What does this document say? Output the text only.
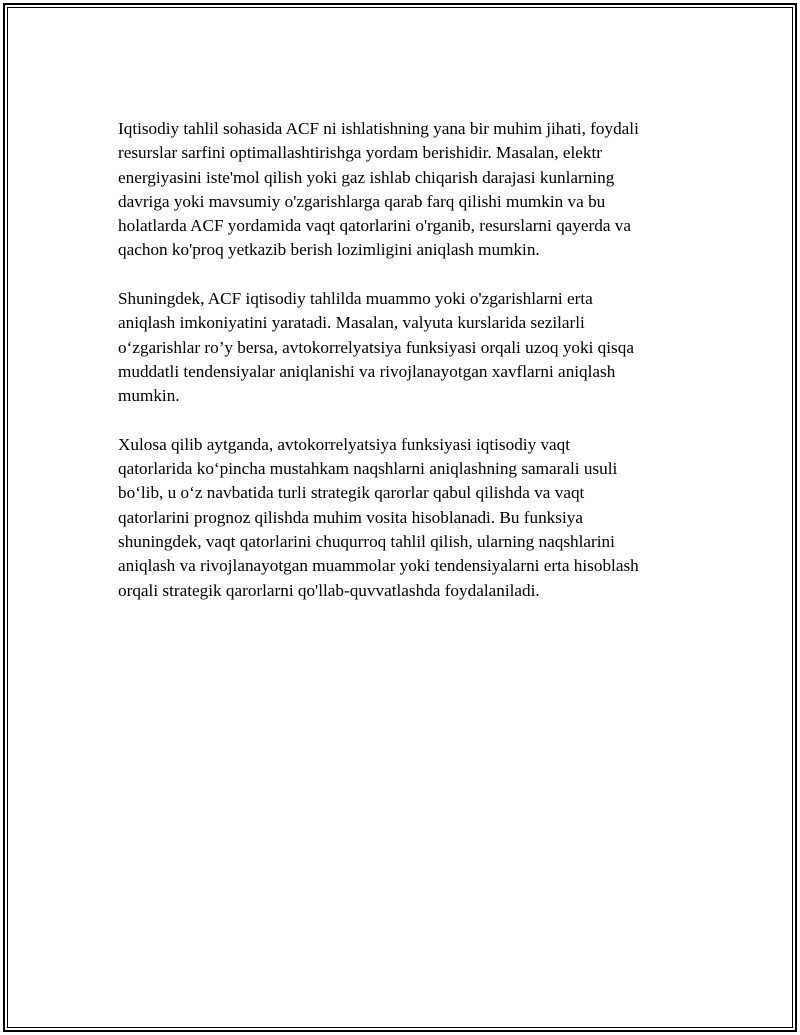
Iqtisodiy tahlil sohasida ACF ni ishlatishning yana bir muhim jihati, foydali
resurslar sarfini optimallashtirishga yordam berishidir. Masalan, elektr
energiyasini iste'mol qilish yoki gaz ishlab chiqarish darajasi kunlarning
davriga yoki mavsumiy o'zgarishlarga qarab farq qilishi mumkin va bu
holatlarda ACF yordamida vaqt qatorlarini o'rganib, resurslarni qayerda va
qachon ko'proq yetkazib berish lozimligini aniqlash mumkin.

Shuningdek, ACF iqtisodiy tahlilda muammo yoki o'zgarishlarni erta
aniqlash imkoniyatini yaratadi. Masalan, valyuta kurslarida sezilarli
o‘zgarishlar ro’y bersa, avtokorrelyatsiya funksiyasi orqali uzoq yoki qisqa
muddatli tendensiyalar aniqlanishi va rivojlanayotgan xavflarni aniqlash
mumkin.

Xulosa qilib aytganda, avtokorrelyatsiya funksiyasi iqtisodiy vaqt
qatorlarida ko‘pincha mustahkam naqshlarni aniqlashning samarali usuli
bo‘lib, u o‘z navbatida turli strategik qarorlar qabul qilishda va vaqt
qatorlarini prognoz qilishda muhim vosita hisoblanadi. Bu funksiya
shuningdek, vaqt qatorlarini chuqurroq tahlil qilish, ularning naqshlarini
aniqlash va rivojlanayotgan muammolar yoki tendensiyalarni erta hisoblash
orqali strategik qarorlarni qo'llab-quvvatlashda foydalaniladi.
